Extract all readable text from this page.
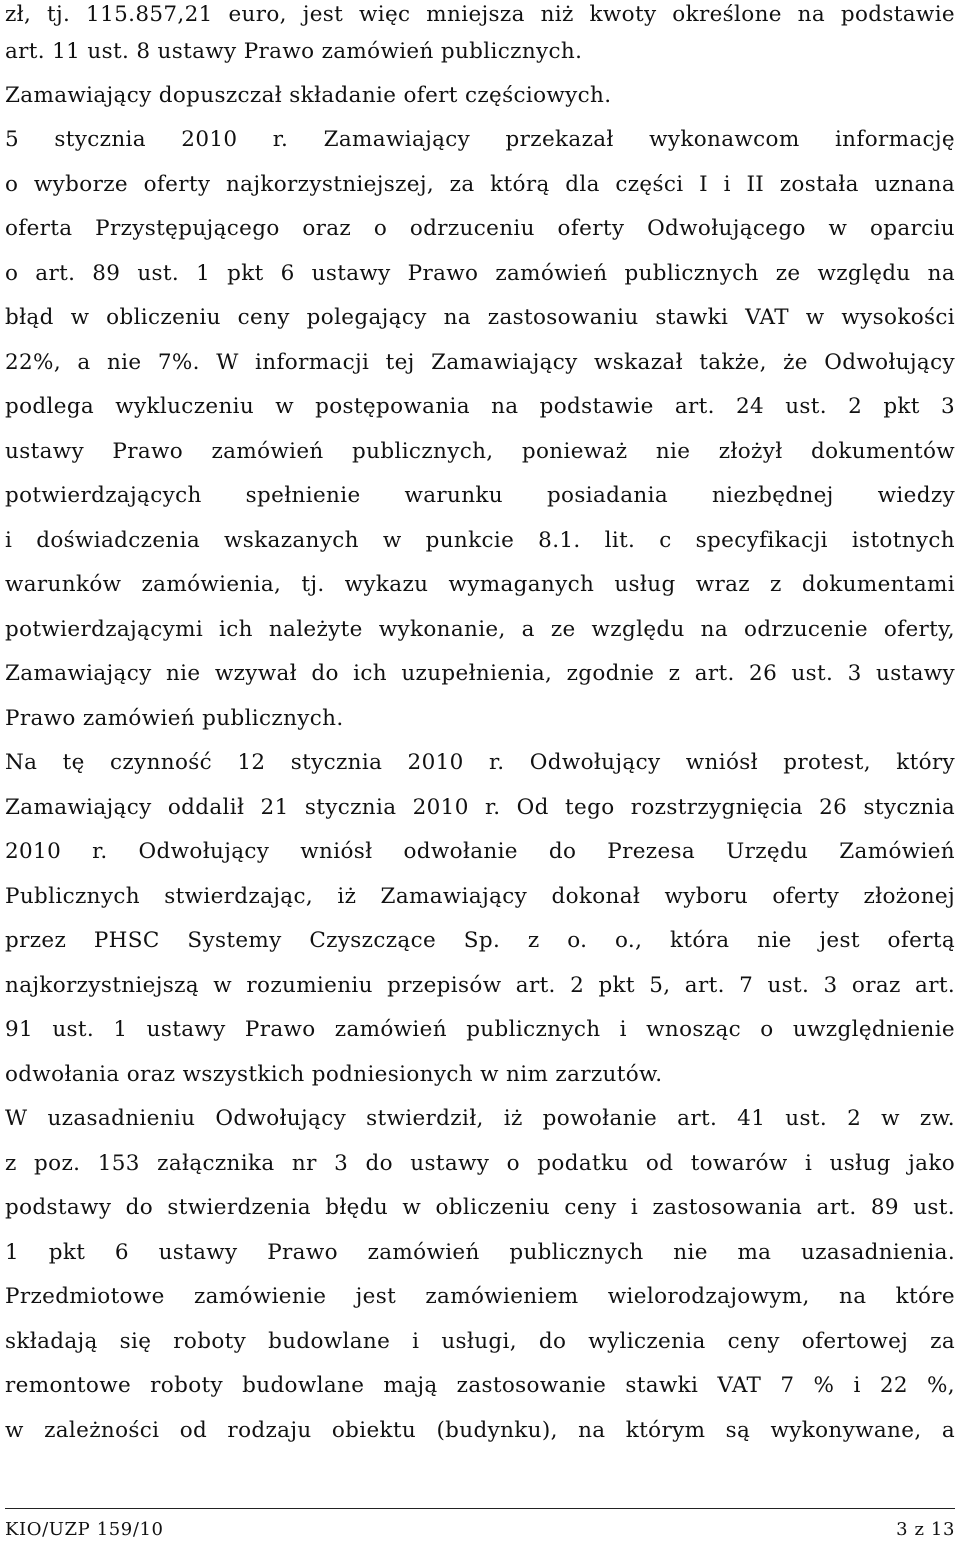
zł, tj. 115.857,21 euro, jest więc mniejsza niż kwoty określone na podstawie
art. 11 ust. 8 ustawy Prawo zamówień publicznych.
Zamawiający dopuszczał składanie ofert częściowych.
5 stycznia 2010 r. Zamawiający przekazał wykonawcom informację
o wyborze oferty najkorzystniejszej, za którą dla części I i II została uznana
oferta Przystępującego oraz o odrzuceniu oferty Odwołującego w oparciu
o art. 89 ust. 1 pkt 6 ustawy Prawo zamówień publicznych ze względu na
błąd w obliczeniu ceny polegający na zastosowaniu stawki VAT w wysokości
22%, a nie 7%. W informacji tej Zamawiający wskazał także, że Odwołujący
podlega wykluczeniu w postępowania na podstawie art. 24 ust. 2 pkt 3
ustawy Prawo zamówień publicznych, ponieważ nie złożył dokumentów
potwierdzających spełnienie warunku posiadania niezbędnej wiedzy
i doświadczenia wskazanych w punkcie 8.1. lit. c specyfikacji istotnych
warunków zamówienia, tj. wykazu wymaganych usług wraz z dokumentami
potwierdzającymi ich należyte wykonanie, a ze względu na odrzucenie oferty,
Zamawiający nie wzywał do ich uzupełnienia, zgodnie z art. 26 ust. 3 ustawy
Prawo zamówień publicznych.
Na tę czynność 12 stycznia 2010 r. Odwołujący wniósł protest, który
Zamawiający oddalił 21 stycznia 2010 r. Od tego rozstrzygnięcia 26 stycznia
2010 r. Odwołujący wniósł odwołanie do Prezesa Urzędu Zamówień
Publicznych stwierdzając, iż Zamawiający dokonał wyboru oferty złożonej
przez PHSC Systemy Czyszczące Sp. z o. o., która nie jest ofertą
najkorzystniejszą w rozumieniu przepisów art. 2 pkt 5, art. 7 ust. 3 oraz art.
91 ust. 1 ustawy Prawo zamówień publicznych i wnosząc o uwzględnienie
odwołania oraz wszystkich podniesionych w nim zarzutów.
W uzasadnieniu Odwołujący stwierdził, iż powołanie art. 41 ust. 2 w zw.
z poz. 153 załącznika nr 3 do ustawy o podatku od towarów i usług jako
podstawy do stwierdzenia błędu w obliczeniu ceny i zastosowania art. 89 ust.
1 pkt 6 ustawy Prawo zamówień publicznych nie ma uzasadnienia.
Przedmiotowe zamówienie jest zamówieniem wielorodzajowym, na które
składają się roboty budowlane i usługi, do wyliczenia ceny ofertowej za
remontowe roboty budowlane mają zastosowanie stawki VAT 7 % i 22 %,
w zależności od rodzaju obiektu (budynku), na którym są wykonywane, a
KIO/UZP 159/10	3 z 13
